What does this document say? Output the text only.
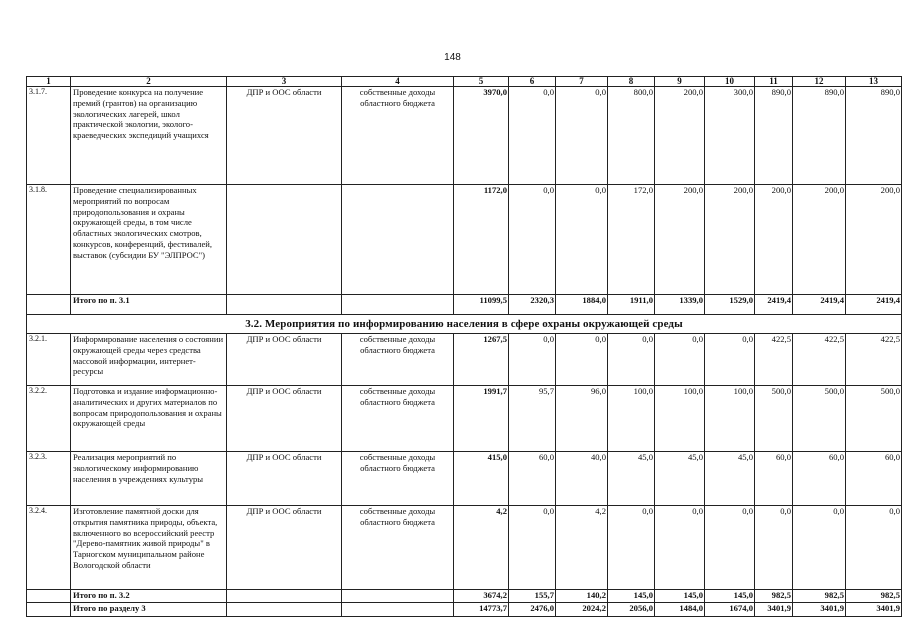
148
1	2	3	4	5	6	7	8	9	10	11	12	13
3.1.7.	Проведение конкурса на получение премий (грантов) на организацию экологических лагерей, школ практической экологии, эколого-краеведческих экспедиций учащихся	ДПР и ООС области	собственные доходы областного бюджета	3970,0	0,0	0,0	800,0	200,0	300,0	890,0	890,0	890,0
3.1.8.	Проведение специализированных мероприятий по вопросам природопользования и охраны окружающей среды, в том числе областных экологических смотров, конкурсов, конференций, фестивалей, выставок (субсидии БУ "ЭЛПРОС")			1172,0	0,0	0,0	172,0	200,0	200,0	200,0	200,0	200,0
	Итого по п. 3.1			11099,5	2320,3	1884,0	1911,0	1339,0	1529,0	2419,4	2419,4	2419,4
3.2. Мероприятия по информированию населения в сфере охраны окружающей среды												
3.2.1.	Информирование населения о состоянии окружающей среды через средства массовой информации, интернет-ресурсы	ДПР и ООС области	собственные доходы областного бюджета	1267,5	0,0	0,0	0,0	0,0	0,0	422,5	422,5	422,5
3.2.2.	Подготовка и издание информационно-аналитических и других материалов по вопросам природопользования и охраны окружающей среды	ДПР и ООС области	собственные доходы областного бюджета	1991,7	95,7	96,0	100,0	100,0	100,0	500,0	500,0	500,0
3.2.3.	Реализация мероприятий по экологическому информированию населения в учреждениях культуры	ДПР и ООС области	собственные доходы областного бюджета	415,0	60,0	40,0	45,0	45,0	45,0	60,0	60,0	60,0
3.2.4.	Изготовление памятной доски для открытия памятника природы, объекта, включенного во всероссийский реестр "Дерево-памятник живой природы" в Тарногском муниципальном районе Вологодской области	ДПР и ООС области	собственные доходы областного бюджета	4,2	0,0	4,2	0,0	0,0	0,0	0,0	0,0	0,0
	Итого по п. 3.2			3674,2	155,7	140,2	145,0	145,0	145,0	982,5	982,5	982,5
	Итого по разделу 3			14773,7	2476,0	2024,2	2056,0	1484,0	1674,0	3401,9	3401,9	3401,9
